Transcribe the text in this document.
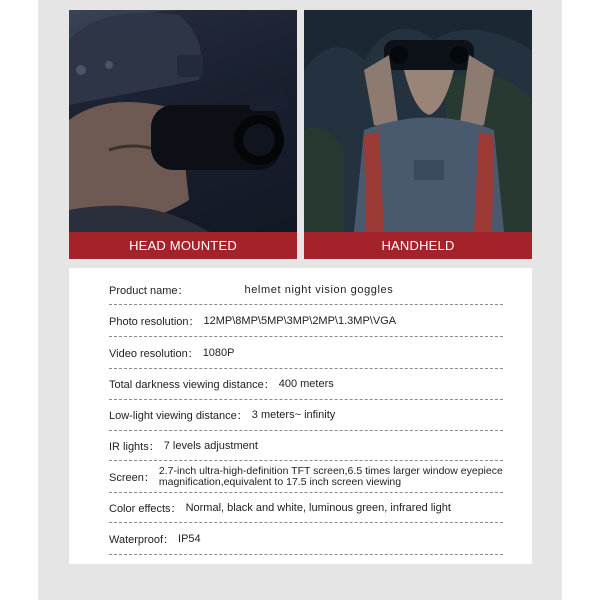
HEAD MOUNTED	HANDHELD
Product name：	helmet night vision goggles
Photo resolution： 12MP\8MP\5MP\3MP\2MP\1.3MP\VGA
Video resolution： 1080P
Total darkness viewing distance： 400 meters
Low-light viewing distance： 3 meters~ infinity
IR lights： 7 levels adjustment
Screen：
2.7-inch ultra-high-definition TFT screen,6.5 times larger window eyepiece magnification,equivalent to 17.5 inch screen viewing
Color effects： Normal, black and white, luminous green, infrared light
Waterproof： IP54
